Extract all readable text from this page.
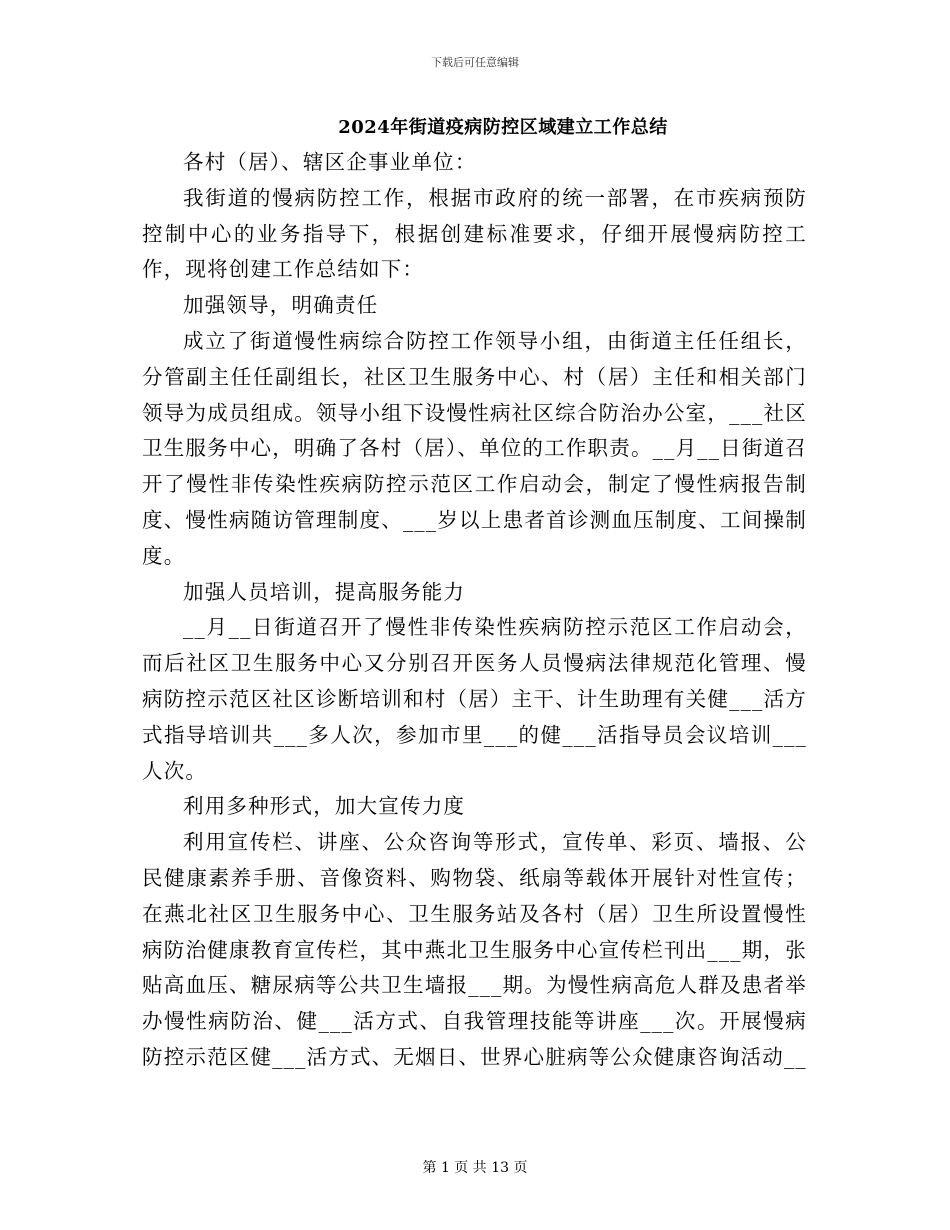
下载后可任意编辑
2024年街道疫病防控区域建立工作总结

各村（居）、辖区企事业单位：

我街道的慢病防控工作，根据市政府的统一部署，在市疾病预防控制中心的业务指导下，根据创建标准要求，仔细开展慢病防控工作，现将创建工作总结如下：

加强领导，明确责任

成立了街道慢性病综合防控工作领导小组，由街道主任任组长，分管副主任任副组长，社区卫生服务中心、村（居）主任和相关部门领导为成员组成。领导小组下设慢性病社区综合防治办公室，___社区卫生服务中心，明确了各村（居）、单位的工作职责。__月__日街道召开了慢性非传染性疾病防控示范区工作启动会，制定了慢性病报告制度、慢性病随访管理制度、___岁以上患者首诊测血压制度、工间操制度。

加强人员培训，提高服务能力

__月__日街道召开了慢性非传染性疾病防控示范区工作启动会，而后社区卫生服务中心又分别召开医务人员慢病法律规范化管理、慢病防控示范区社区诊断培训和村（居）主干、计生助理有关健___活方式指导培训共___多人次，参加市里___的健___活指导员会议培训___人次。

利用多种形式，加大宣传力度

利用宣传栏、讲座、公众咨询等形式，宣传单、彩页、墙报、公民健康素养手册、音像资料、购物袋、纸扇等载体开展针对性宣传；在燕北社区卫生服务中心、卫生服务站及各村（居）卫生所设置慢性病防治健康教育宣传栏，其中燕北卫生服务中心宣传栏刊出___期，张贴高血压、糖尿病等公共卫生墙报___期。为慢性病高危人群及患者举办慢性病防治、健___活方式、自我管理技能等讲座___次。开展慢病防控示范区健___活方式、无烟日、世界心脏病等公众健康咨询活动__

第 1 页 共 13 页
